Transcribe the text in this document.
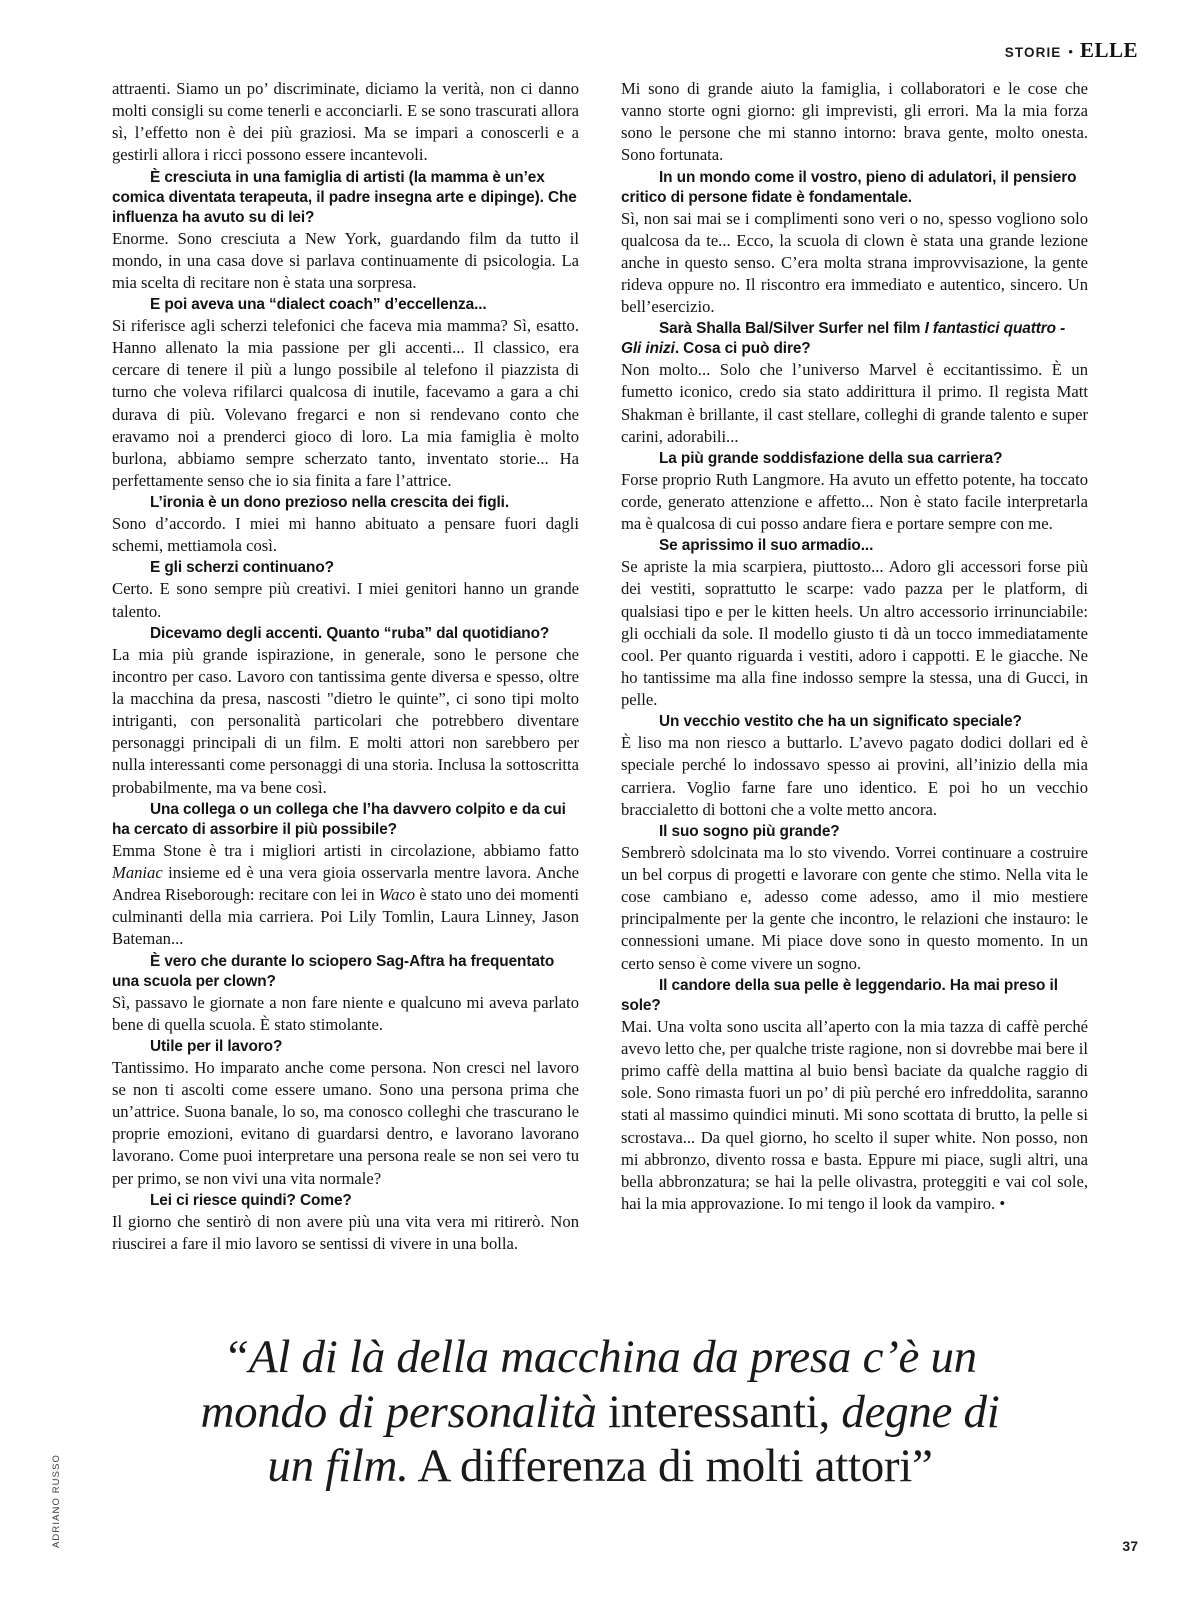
STORIE • ELLE

attraenti. Siamo un po’ discriminate, diciamo la verità, non ci danno molti consigli su come tenerli e acconciarli. E se sono trascurati allora sì, l’effetto non è dei più graziosi. Ma se impari a conoscerli e a gestirli allora i ricci possono essere incantevoli.

È cresciuta in una famiglia di artisti (la mamma è un’ex comica diventata terapeuta, il padre insegna arte e dipinge). Che influenza ha avuto su di lei?

Enorme. Sono cresciuta a New York, guardando film da tutto il mondo, in una casa dove si parlava continuamente di psicologia. La mia scelta di recitare non è stata una sorpresa.

E poi aveva una “dialect coach” d’eccellenza...

Si riferisce agli scherzi telefonici che faceva mia mamma? Sì, esatto. Hanno allenato la mia passione per gli accenti... Il classico, era cercare di tenere il più a lungo possibile al telefono il piazzista di turno che voleva rifilarci qualcosa di inutile, facevamo a gara a chi durava di più. Volevano fregarci e non si rendevano conto che eravamo noi a prenderci gioco di loro. La mia famiglia è molto burlona, abbiamo sempre scherzato tanto, inventato storie... Ha perfettamente senso che io sia finita a fare l’attrice.

L’ironia è un dono prezioso nella crescita dei figli.

Sono d’accordo. I miei mi hanno abituato a pensare fuori dagli schemi, mettiamola così.

E gli scherzi continuano?

Certo. E sono sempre più creativi. I miei genitori hanno un grande talento.

Dicevamo degli accenti. Quanto “ruba” dal quotidiano?

La mia più grande ispirazione, in generale, sono le persone che incontro per caso. Lavoro con tantissima gente diversa e spesso, oltre la macchina da presa, nascosti "dietro le quinte”, ci sono tipi molto intriganti, con personalità particolari che potrebbero diventare personaggi principali di un film. E molti attori non sarebbero per nulla interessanti come personaggi di una storia. Inclusa la sottoscritta probabilmente, ma va bene così.

Una collega o un collega che l’ha davvero colpito e da cui ha cercato di assorbire il più possibile?

Emma Stone è tra i migliori artisti in circolazione, abbiamo fatto Maniac insieme ed è una vera gioia osservarla mentre lavora. Anche Andrea Riseborough: recitare con lei in Waco è stato uno dei momenti culminanti della mia carriera. Poi Lily Tomlin, Laura Linney, Jason Bateman...

È vero che durante lo sciopero Sag-Aftra ha frequentato una scuola per clown?

Sì, passavo le giornate a non fare niente e qualcuno mi aveva parlato bene di quella scuola. È stato stimolante.

Utile per il lavoro?

Tantissimo. Ho imparato anche come persona. Non cresci nel lavoro se non ti ascolti come essere umano. Sono una persona prima che un’attrice. Suona banale, lo so, ma conosco colleghi che trascurano le proprie emozioni, evitano di guardarsi dentro, e lavorano lavorano lavorano. Come puoi interpretare una persona reale se non sei vero tu per primo, se non vivi una vita normale?

Lei ci riesce quindi? Come?

Il giorno che sentirò di non avere più una vita vera mi ritirerò. Non riuscirei a fare il mio lavoro se sentissi di vivere in una bolla.

Mi sono di grande aiuto la famiglia, i collaboratori e le cose che vanno storte ogni giorno: gli imprevisti, gli errori. Ma la mia forza sono le persone che mi stanno intorno: brava gente, molto onesta. Sono fortunata.

In un mondo come il vostro, pieno di adulatori, il pensiero critico di persone fidate è fondamentale.

Sì, non sai mai se i complimenti sono veri o no, spesso vogliono solo qualcosa da te... Ecco, la scuola di clown è stata una grande lezione anche in questo senso. C’era molta strana improvvisazione, la gente rideva oppure no. Il riscontro era immediato e autentico, sincero. Un bell’esercizio.

Sarà Shalla Bal/Silver Surfer nel film I fantastici quattro - Gli inizi. Cosa ci può dire?

Non molto... Solo che l’universo Marvel è eccitantissimo. È un fumetto iconico, credo sia stato addirittura il primo. Il regista Matt Shakman è brillante, il cast stellare, colleghi di grande talento e super carini, adorabili...

La più grande soddisfazione della sua carriera?

Forse proprio Ruth Langmore. Ha avuto un effetto potente, ha toccato corde, generato attenzione e affetto... Non è stato facile interpretarla ma è qualcosa di cui posso andare fiera e portare sempre con me.

Se aprissimo il suo armadio...

Se apriste la mia scarpiera, piuttosto... Adoro gli accessori forse più dei vestiti, soprattutto le scarpe: vado pazza per le platform, di qualsiasi tipo e per le kitten heels. Un altro accessorio irrinunciabile: gli occhiali da sole. Il modello giusto ti dà un tocco immediatamente cool. Per quanto riguarda i vestiti, adoro i cappotti. E le giacche. Ne ho tantissime ma alla fine indosso sempre la stessa, una di Gucci, in pelle.

Un vecchio vestito che ha un significato speciale?

È liso ma non riesco a buttarlo. L’avevo pagato dodici dollari ed è speciale perché lo indossavo spesso ai provini, all’inizio della mia carriera. Voglio farne fare uno identico. E poi ho un vecchio braccialetto di bottoni che a volte metto ancora.

Il suo sogno più grande?

Sembrerò sdolcinata ma lo sto vivendo. Vorrei continuare a costruire un bel corpus di progetti e lavorare con gente che stimo. Nella vita le cose cambiano e, adesso come adesso, amo il mio mestiere principalmente per la gente che incontro, le relazioni che instauro: le connessioni umane. Mi piace dove sono in questo momento. In un certo senso è come vivere un sogno.

Il candore della sua pelle è leggendario. Ha mai preso il sole?

Mai. Una volta sono uscita all’aperto con la mia tazza di caffè perché avevo letto che, per qualche triste ragione, non si dovrebbe mai bere il primo caffè della mattina al buio bensì baciate da qualche raggio di sole. Sono rimasta fuori un po’ di più perché ero infreddolita, saranno stati al massimo quindici minuti. Mi sono scottata di brutto, la pelle si scrostava... Da quel giorno, ho scelto il super white. Non posso, non mi abbronzo, divento rossa e basta. Eppure mi piace, sugli altri, una bella abbronzatura; se hai la pelle olivastra, proteggiti e vai col sole, hai la mia approvazione. Io mi tengo il look da vampiro. •

“Al di là della macchina da presa c’è un
mondo di personalità interessanti, degne di
un film. A differenza di molti attori”
ADRIANO RUSSO	37
